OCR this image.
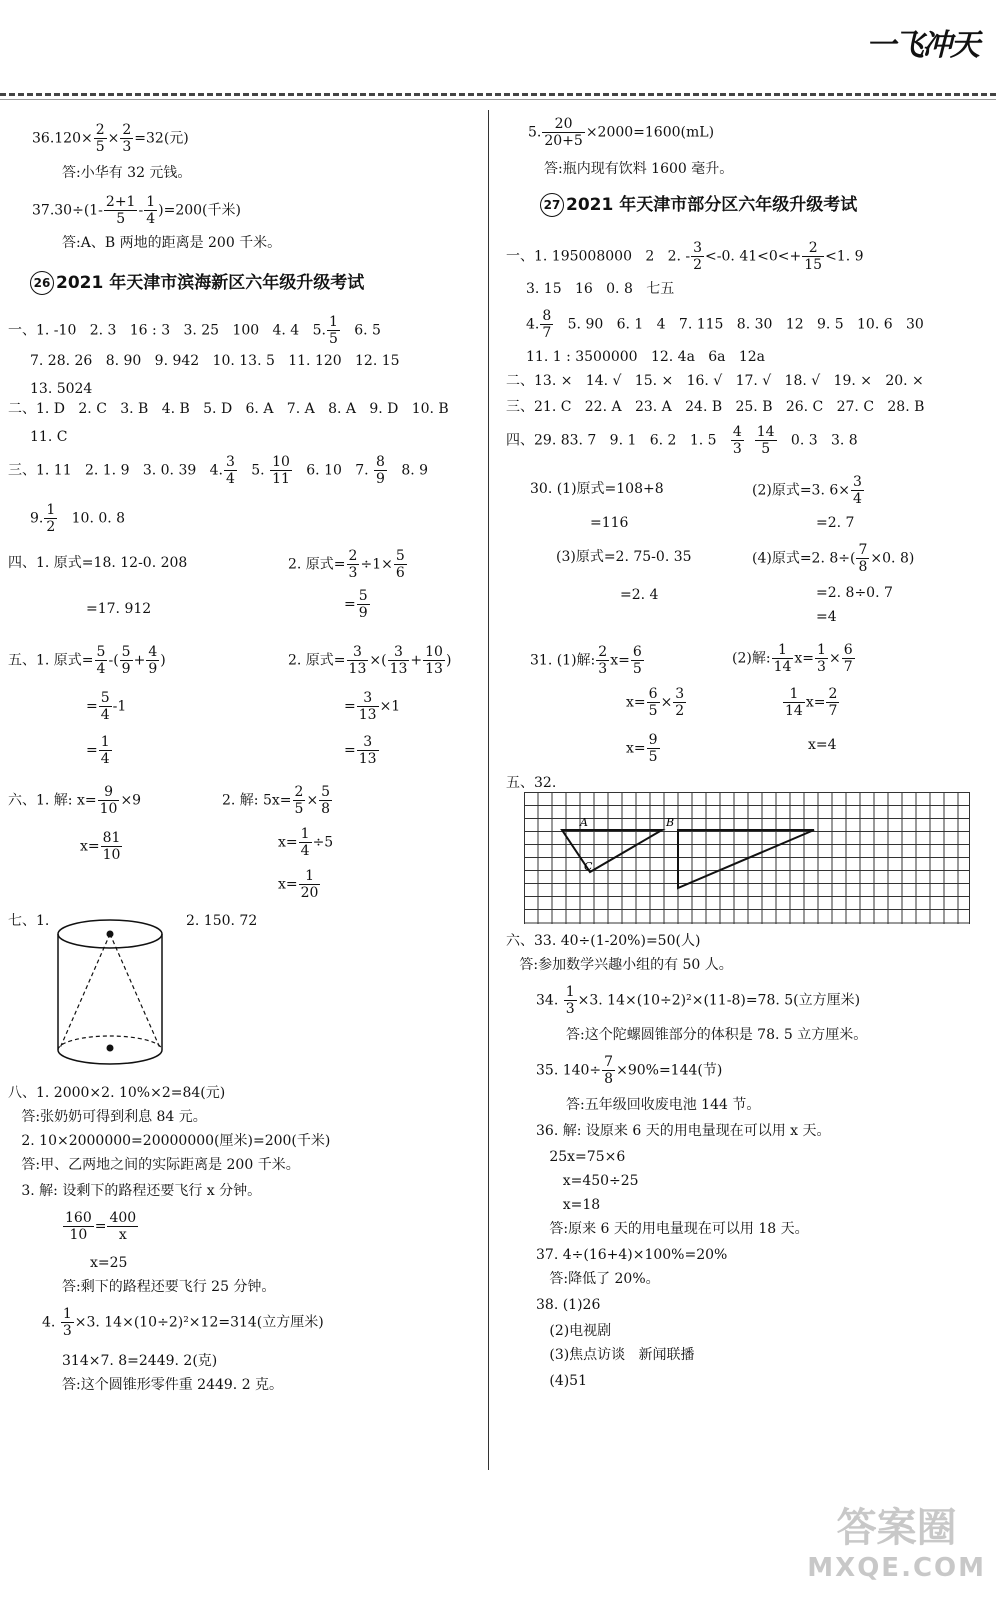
一飞冲天
$36.120\times \frac{2}{5} \times \frac{2}{3} =32$(元)
答:小华有 32 元钱。
$37.30\div(1- \frac{2+1}{5} - \frac{1}{4} )=200$(千米)
答:A、B 两地的距离是 200 千米。
26 2021 年天津市滨海新区六年级升级考试
一、1. -10   2. 3   16 : 3   3. 25   100   4. 4   5. $\frac{1}{5} 6$. 5
7. 28. 26   8. 90   9. 942   10. 13. 5   11. 120   12. 15
13. 5024
二、1. D   2. C   3. B   4. B   5. D   6. A   7. A   8. A   9. D   10. B
11. C
三、1. 11   2. 1. 9   3. 0. 39   4. $\frac{3}{4} 5$. $\frac{10}{11} 6$. 10   7. $\frac{8}{9} 8$. 9
9. $\frac{1}{2} 10$. 0. 8
四、1. 原式=18. 12-0. 208
=17. 912
2. 原式= $\frac{2}{3} \div 1\times \frac{5}{6}$
= $\frac{5}{9}$
五、1. 原式= $\frac{5}{4}$ -( $\frac{5}{9} + \frac{4}{9}$ )
= $\frac{5}{4} -1$
= $\frac{1}{4}$
2. 原式= $\frac{3}{13}$ ×( $\frac{3}{13} + \frac{10}{13}$ )
= $\frac{3}{13} \times 1$
= $\frac{3}{13}$
六、1. 解: $x= \frac{9}{10} \times 9$
$x= \frac{81}{10}$
2. 解: $5x= \frac{2}{5} \times \frac{5}{8}$
$x= \frac{1}{4} \div 5$
$x= \frac{1}{20}$
七、1.	2. 150. 72
八、1. 2000×2. 10%×2=84(元)
答:张奶奶可得到利息 84 元。
2. 10×2000000=20000000(厘米)=200(千米)
答:甲、乙两地之间的实际距离是 200 千米。
3. 解: 设剩下的路程还要飞行 x 分钟。
$\frac{160}{10} = \frac{400}{x}$
x=25
答:剩下的路程还要飞行 25 分钟。
4. $\frac{1}{3} \times 3$. 14×(10÷2)²×12=314(立方厘米)
314×7. 8=2449. 2(克)
答:这个圆锥形零件重 2449. 2 克。
5. $\frac{20}{20+5} \times 2000=1600(mL)$
答:瓶内现有饮料 1600 毫升。
27 2021 年天津市部分区六年级升级考试
一、1. 195008000   2   2. - $\frac{3}{2} <-0$. $41<0<+ \frac{2}{15} <1$. 9
3. 15   16   0. 8   七五
4. $\frac{8}{7} 5$. 90   6. 1   4   7. 115   8. 30   12   9. 5   10. 6   30
11. 1 : 3500000   12. 4a   6a   12a
二、13. ×   14. √   15. ×   16. √   17. √   18. √   19. ×   20. ×
三、21. C   22. A   23. A   24. B   25. B   26. C   27. C   28. B
四、29. 83. 7   9. 1   6. 2   1. $5 \frac{4}{3}$
$\frac{14}{5} 0$. 3   3. 8
30. (1)原式=108+8
=116
(2)原式=3. $6\times \frac{3}{4}$
=2. 7
(3)原式=2. 75-0. 35
=2. 4
(4)原式=2. $8\div( \frac{7}{8} \times 0$. 8)
=2. 8÷0. 7
=4
31. (1)解: $\frac{2}{3} x= \frac{6}{5}$
$x= \frac{6}{5} \times \frac{3}{2}$
$x= \frac{9}{5}$
(2)解: $\frac{1}{14} x= \frac{1}{3} \times \frac{6}{7}$
$\frac{1}{14} x= \frac{2}{7}$
x=4
五、32.
A	B
C
六、33. 40÷(1-20%)=50(人)
答:参加数学兴趣小组的有 50 人。
34. $\frac{1}{3} \times 3$. 14×(10÷2)²×(11-8)=78. 5(立方厘米)
答:这个陀螺圆锥部分的体积是 78. 5 立方厘米。
35. $140\div \frac{7}{8} \times 90\%=144$(节)
答:五年级回收废电池 144 节。
36. 解: 设原来 6 天的用电量现在可以用 x 天。
25x=75×6
x=450÷25
x=18
答:原来 6 天的用电量现在可以用 18 天。
37. 4÷(16+4)×100%=20%
答:降低了 20%。
38. (1)26
(2)电视剧
(3)焦点访谈   新闻联播
(4)51
答案圈
MXQE.COM
